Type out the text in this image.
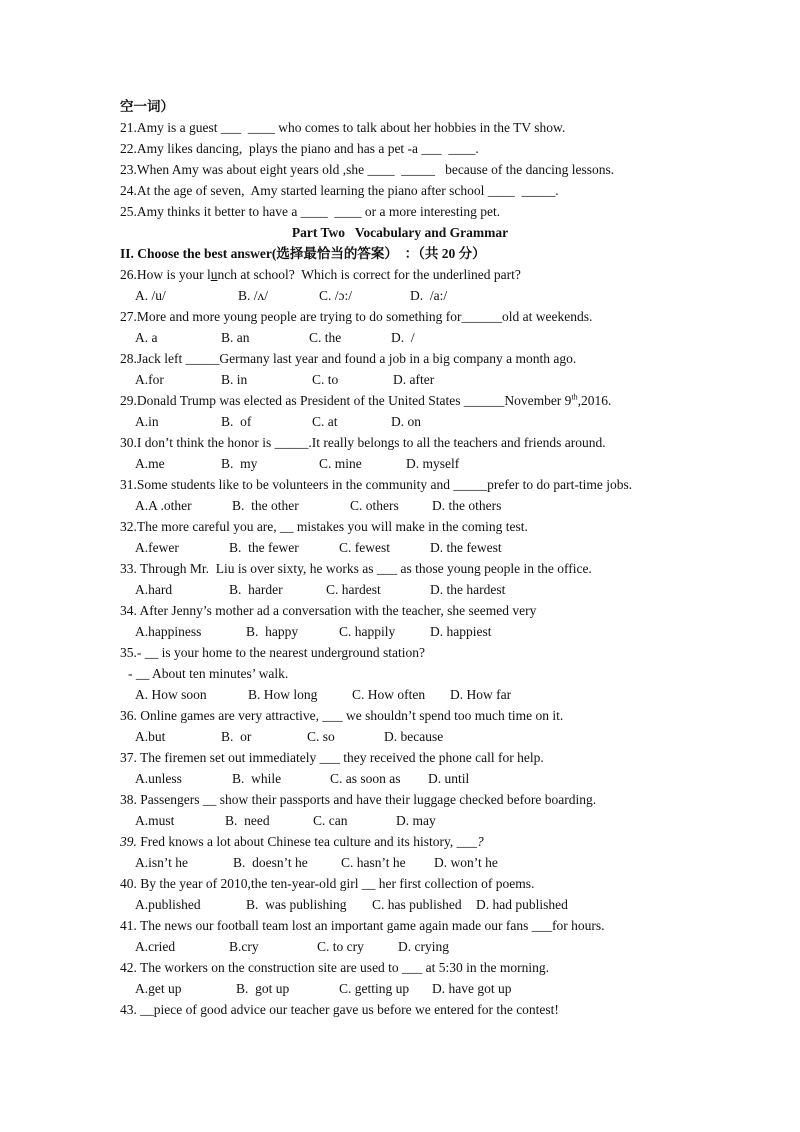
空一词）
21.Amy is a guest ___  ____ who comes to talk about her hobbies in the TV show.
22.Amy likes dancing,  plays the piano and has a pet -a ___  ____.
23.When Amy was about eight years old ,she ____  _____   because of the dancing lessons.
24.At the age of seven,  Amy started learning the piano after school ____  _____.
25.Amy thinks it better to have a ____  ____ or a more interesting pet.
Part Two   Vocabulary and Grammar
II. Choose the best answer(选择最恰当的答案）  ：（共 20 分）
26.How is your lunch at school?  Which is correct for the underlined part?
A. /u/	B. /ʌ/	C. /ɔ:/	D.  /a:/
27.More and more young people are trying to do something for______old at weekends.
A. a	B. an	C. the	D.  /
28.Jack left _____Germany last year and found a job in a big company a month ago.
A.for	B. in	C. to	D. after
29.Donald Trump was elected as President of the United States ______November 9th,2016.
A.in	B.  of	C. at	D. on
30.I don’t think the honor is _____.It really belongs to all the teachers and friends around.
A.me	B.  my	C. mine	D. myself
31.Some students like to be volunteers in the community and _____prefer to do part-time jobs.
A.A .other	B.  the other	C. others D. the others
32.The more careful you are, __ mistakes you will make in the coming test.
A.fewer	B.  the fewer	C. fewest	D. the fewest
33. Through Mr.  Liu is over sixty, he works as ___ as those young people in the office.
A.hard	B.  harder	C. hardest	D. the hardest
34. After Jenny’s mother ad a conversation with the teacher, she seemed very
A.happiness	B.  happy	C. happily	D. happiest
35.- __ is your home to the nearest underground station?
- __ About ten minutes’ walk.
A. How soon	B. How long	C. How often D. How far
36. Online games are very attractive, ___ we shouldn’t spend too much time on it.
A.but	B.  or	C. so	D. because
37. The firemen set out immediately ___ they received the phone call for help.
A.unless	B.  while	C. as soon as D. until
38. Passengers __ show their passports and have their luggage checked before boarding.
A.must	B.  need	C. can	D. may
39. Fred knows a lot about Chinese tea culture and its history, ___?
A.isn’t he	B.  doesn’t he C. hasn’t he D. won’t he
40. By the year of 2010,the ten-year-old girl __ her first collection of poems.
A.published	B.  was publishing C. has published D. had published
41. The news our football team lost an important game again made our fans ___for hours.
A.cried	B.cry	C. to cry	D. crying
42. The workers on the construction site are used to ___ at 5:30 in the morning.
A.get up	B.  got up	C. getting up D. have got up
43. __piece of good advice our teacher gave us before we entered for the contest!
